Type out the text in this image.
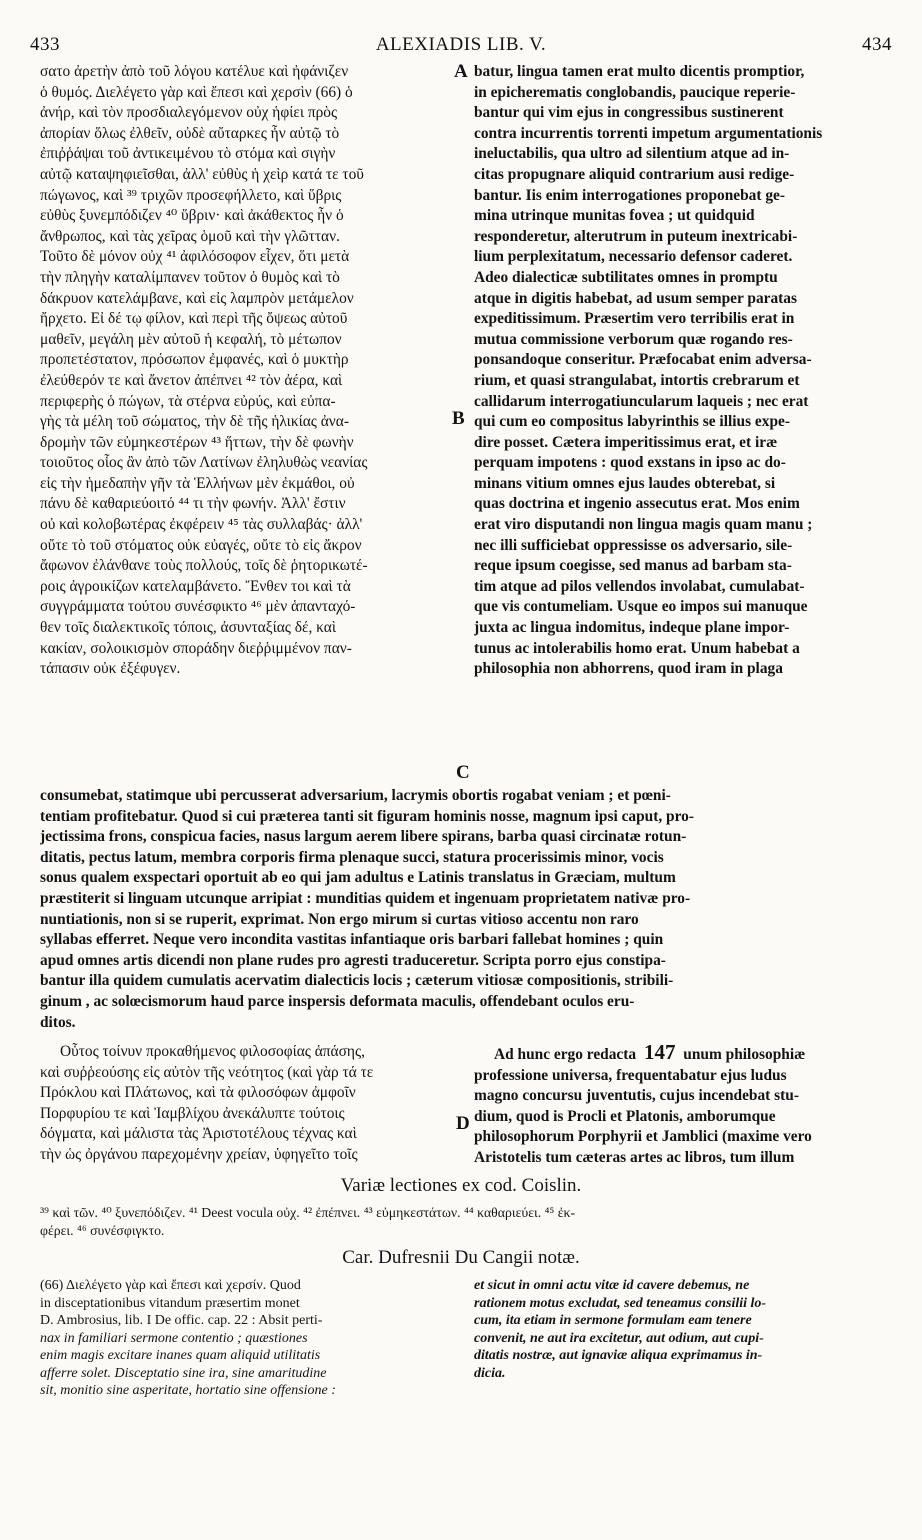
433	ALEXIADIS LIB. V.	434
σατο ἀρετὴν ἀπὸ τοῦ λόγου κατέλυε καὶ ἠφάνιζεν
ὁ θυμός. Διελέγετο γὰρ καὶ ἔπεσι καὶ χερσὶν (66) ὁ
ἀνήρ, καὶ τὸν προσδιαλεγόμενον οὐχ ἡφίει πρὸς
ἀπορίαν ὅλως ἐλθεῖν, οὐδὲ αὔταρκες ἦν αὐτῷ τὸ
ἐπιῤῥάψαι τοῦ ἀντικειμένου τὸ στόμα καὶ σιγὴν
αὐτῷ καταψηφιεῖσθαι, ἀλλ' εὐθὺς ἡ χεὶρ κατά τε τοῦ
πώγωνος, καὶ ³⁹ τριχῶν προσεφήλλετο, καὶ ὕβρις
εὐθὺς ξυνεμπόδιζεν ⁴⁰ ὕβριν· καὶ ἀκάθεκτος ἦν ὁ
ἄνθρωπος, καὶ τὰς χεῖρας ὁμοῦ καὶ τὴν γλῶτταν.
Τοῦτο δὲ μόνον οὐχ ⁴¹ ἀφιλόσοφον εἶχεν, ὅτι μετὰ
τὴν πληγὴν καταλίμπανεν τοῦτον ὁ θυμὸς καὶ τὸ
δάκρυον κατελάμβανε, καὶ εἰς λαμπρὸν μετάμελον
ἤρχετο. Εἰ δέ τῳ φίλον, καὶ περὶ τῆς ὄψεως αὐτοῦ
μαθεῖν, μεγάλη μὲν αὐτοῦ ἡ κεφαλή, τὸ μέτωπον
προπετέστατον, πρόσωπον ἐμφανές, καὶ ὁ μυκτὴρ
ἐλεύθερόν τε καὶ ἄνετον ἀπέπνει ⁴² τὸν ἀέρα, καὶ
περιφερὴς ὁ πώγων, τὰ στέρνα εὐρύς, καὶ εὐπα-
γὴς τὰ μέλη τοῦ σώματος, τὴν δὲ τῆς ἡλικίας ἀνα-
δρομὴν τῶν εὐμηκεστέρων ⁴³ ἥττων, τὴν δὲ φωνὴν
τοιοῦτος οἷος ἂν ἀπὸ τῶν Λατίνων ἐληλυθὼς νεανίας
εἰς τὴν ἡμεδαπὴν γῆν τὰ Ἑλλήνων μὲν ἐκμάθοι, οὐ
πάνυ δὲ καθαριεύοιτό ⁴⁴ τι τὴν φωνήν. Ἀλλ' ἔστιν
οὐ καὶ κολοβωτέρας ἐκφέρειν ⁴⁵ τὰς συλλαβάς· ἀλλ'
οὔτε τὸ τοῦ στόματος οὐκ εὐαγές, οὔτε τὸ εἰς ἄκρον
ἄφωνον ἐλάνθανε τοὺς πολλούς, τοῖς δὲ ῥητορικωτέ-
ροις ἀγροικίζων κατελαμβάνετο. Ἔνθεν τοι καὶ τὰ
συγγράμματα τούτου συνέσφικτο ⁴⁶ μὲν ἁπανταχό-
θεν τοῖς διαλεκτικοῖς τόποις, ἀσυνταξίας δέ, καὶ
κακίαν, σολοικισμὸν σποράδην διεῤῥιμμένον παν-
τάπασιν οὐκ ἐξέφυγεν.
A
B
C
batur, lingua tamen erat multo dicentis promptior,
in epicherematis conglobandis, paucique reperie-
bantur qui vim ejus in congressibus sustinerent
contra incurrentis torrenti impetum argumentationis
ineluctabilis, qua ultro ad silentium atque ad in-
citas propugnare aliquid contrarium ausi redige-
bantur. Iis enim interrogationes proponebat ge-
mina utrinque munitas fovea ; ut quidquid
responderetur, alterutrum in puteum inextricabi-
lium perplexitatum, necessario defensor caderet.
Adeo dialecticæ subtilitates omnes in promptu
atque in digitis habebat, ad usum semper paratas
expeditissimum. Præsertim vero terribilis erat in
mutua commissione verborum quæ rogando res-
ponsandoque conseritur. Præfocabat enim adversa-
rium, et quasi strangulabat, intortis crebrarum et
callidarum interrogatiuncularum laqueis ; nec erat
qui cum eo compositus labyrinthis se illius expe-
dire posset. Cætera imperitissimus erat, et iræ
perquam impotens : quod exstans in ipso ac do-
minans vitium omnes ejus laudes obterebat, si
quas doctrina et ingenio assecutus erat. Mos enim
erat viro disputandi non lingua magis quam manu ;
nec illi sufficiebat oppressisse os adversario, sile-
reque ipsum coegisse, sed manus ad barbam sta-
tim atque ad pilos vellendos involabat, cumulabat-
que vis contumeliam. Usque eo impos sui manuque
juxta ac lingua indomitus, indeque plane impor-
tunus ac intolerabilis homo erat. Unum habebat a
philosophia non abhorrens, quod iram in plaga
consumebat, statimque ubi percusserat adversarium, lacrymis obortis rogabat veniam ; et pœni-
tentiam profitebatur. Quod si cui præterea tanti sit figuram hominis nosse, magnum ipsi caput, pro-
jectissima frons, conspicua facies, nasus largum aerem libere spirans, barba quasi circinatæ rotun-
ditatis, pectus latum, membra corporis firma plenaque succi, statura procerissimis minor, vocis
sonus qualem exspectari oportuit ab eo qui jam adultus e Latinis translatus in Græciam, multum
præstiterit si linguam utcunque arripiat : munditias quidem et ingenuam proprietatem nativæ pro-
nuntiationis, non si se ruperit, exprimat. Non ergo mirum si curtas vitioso accentu non raro
syllabas efferret. Neque vero incondita vastitas infantiaque oris barbari fallebat homines ; quin
apud omnes artis dicendi non plane rudes pro agresti traduceretur. Scripta porro ejus constipa-
bantur illa quidem cumulatis acervatim dialecticis locis ; cæterum vitiosæ compositionis, stribili-
ginum , ac solœcismorum haud parce inspersis deformata maculis, offendebant oculos eru-
ditos.
Οὗτος τοίνυν προκαθήμενος φιλοσοφίας ἁπάσης,
καὶ συῤῥεούσης εἰς αὐτὸν τῆς νεότητος (καὶ γὰρ τά τε
Πρόκλου καὶ Πλάτωνος, καὶ τὰ φιλοσόφων ἀμφοῖν
Πορφυρίου τε καὶ Ἰαμβλίχου ἀνεκάλυπτε τούτοις
δόγματα, καὶ μάλιστα τὰς Ἀριστοτέλους τέχνας καὶ
τὴν ὡς ὀργάνου παρεχομένην χρείαν, ὑφηγεῖτο τοῖς
D
Ad hunc ergo redacta 147 unum philosophiæ
professione universa, frequentabatur ejus ludus
magno concursu juventutis, cujus incendebat stu-
dium, quod is Procli et Platonis, amborumque
philosophorum Porphyrii et Jamblici (maxime vero
Aristotelis tum cæteras artes ac libros, tum illum
Variæ lectiones ex cod. Coislin.
³⁹ καὶ τῶν. ⁴⁰ ξυνεπόδιζεν. ⁴¹ Deest vocula οὐχ. ⁴² ἐπέπνει. ⁴³ εὐμηκεστάτων. ⁴⁴ καθαριεύει. ⁴⁵ ἐκ-
φέρει. ⁴⁶ συνέσφιγκτο.
Car. Dufresnii Du Cangii notæ.
(66) Διελέγετο γὰρ καὶ ἔπεσι καὶ χερσίν. Quod
in disceptationibus vitandum præsertim monet
D. Ambrosius, lib. I De offic. cap. 22 : Absit perti-
nax in familiari sermone contentio ; quæstiones
enim magis excitare inanes quam aliquid utilitatis
afferre solet. Disceptatio sine ira, sine amaritudine
sit, monitio sine asperitate, hortatio sine offensione :
et sicut in omni actu vitæ id cavere debemus, ne
rationem motus excludat, sed teneamus consilii lo-
cum, ita etiam in sermone formulam eam tenere
convenit, ne aut ira excitetur, aut odium, aut cupi-
ditatis nostræ, aut ignaviæ aliqua exprimamus in-
dicia.
